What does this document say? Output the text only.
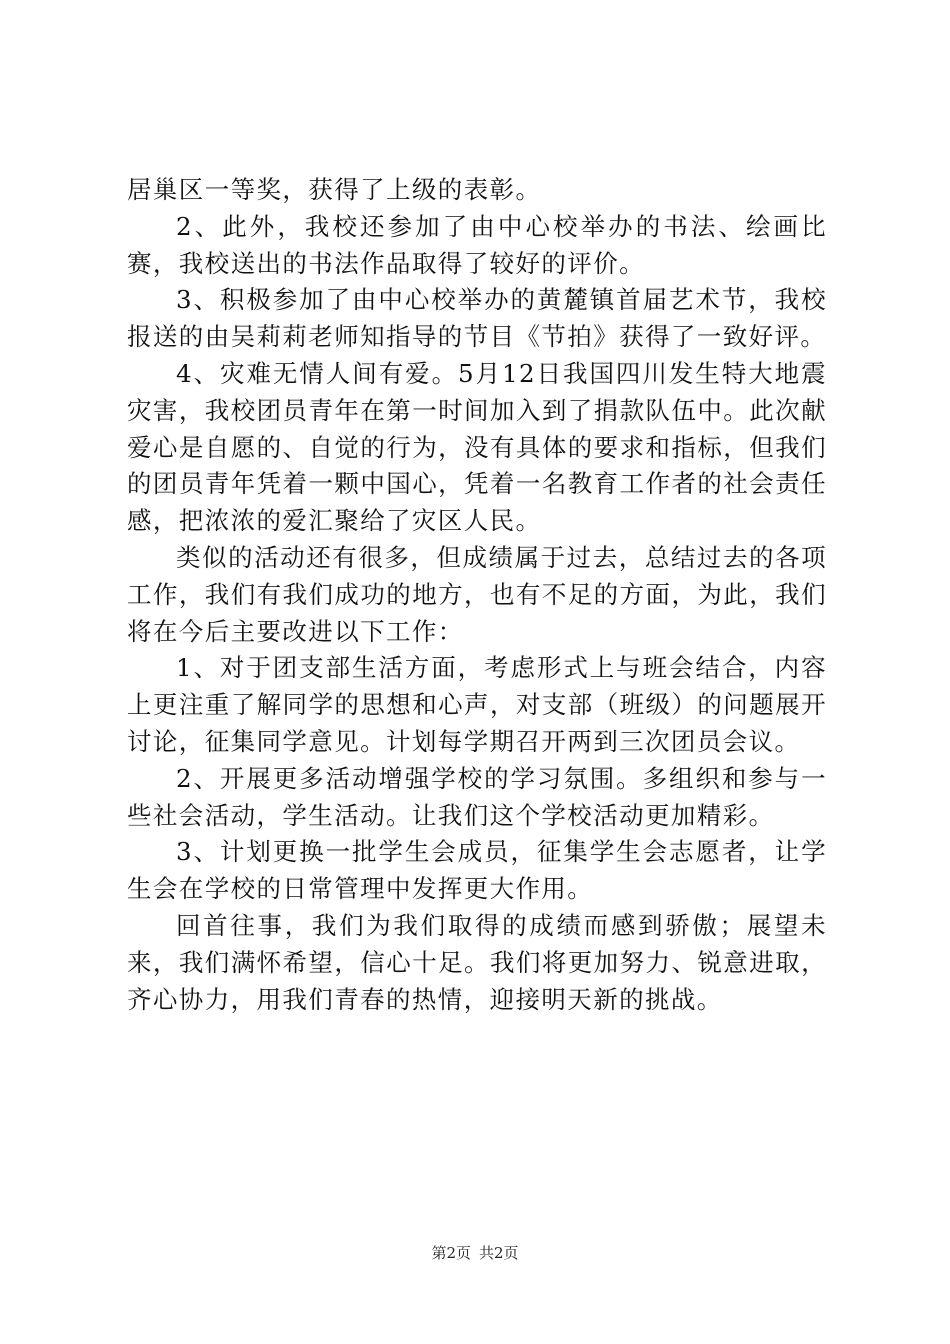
居巢区一等奖，获得了上级的表彰。

2、此外，我校还参加了由中心校举办的书法、绘画比赛，我校送出的书法作品取得了较好的评价。

3、积极参加了由中心校举办的黄麓镇首届艺术节，我校报送的由吴莉莉老师知指导的节目《节拍》获得了一致好评。

4、灾难无情人间有爱。5月12日我国四川发生特大地震灾害，我校团员青年在第一时间加入到了捐款队伍中。此次献爱心是自愿的、自觉的行为，没有具体的要求和指标，但我们的团员青年凭着一颗中国心，凭着一名教育工作者的社会责任感，把浓浓的爱汇聚给了灾区人民。

类似的活动还有很多，但成绩属于过去，总结过去的各项工作，我们有我们成功的地方，也有不足的方面，为此，我们将在今后主要改进以下工作：

1、对于团支部生活方面，考虑形式上与班会结合，内容上更注重了解同学的思想和心声，对支部（班级）的问题展开讨论，征集同学意见。计划每学期召开两到三次团员会议。

2、开展更多活动增强学校的学习氛围。多组织和参与一些社会活动，学生活动。让我们这个学校活动更加精彩。

3、计划更换一批学生会成员，征集学生会志愿者，让学生会在学校的日常管理中发挥更大作用。

回首往事，我们为我们取得的成绩而感到骄傲；展望未来，我们满怀希望，信心十足。我们将更加努力、锐意进取，齐心协力，用我们青春的热情，迎接明天新的挑战。

第2页 共2页
